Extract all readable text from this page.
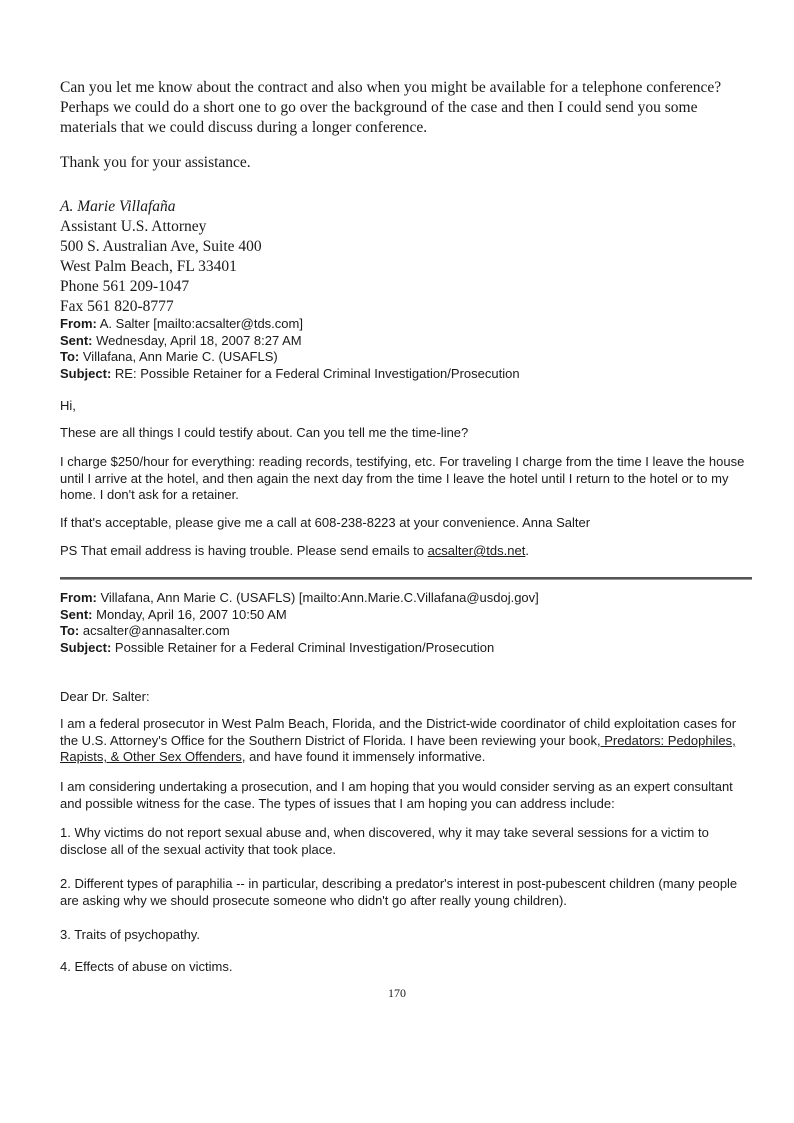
Can you let me know about the contract and also when you might be available for a telephone conference? Perhaps we could do a short one to go over the background of the case and then I could send you some materials that we could discuss during a longer conference.

Thank you for your assistance.

A. Marie Villafaña
Assistant U.S. Attorney
500 S. Australian Ave, Suite 400
West Palm Beach, FL 33401
Phone 561 209-1047
Fax 561 820-8777
From: A. Salter [mailto:acsalter@tds.com]
Sent: Wednesday, April 18, 2007 8:27 AM
To: Villafana, Ann Marie C. (USAFLS)
Subject: RE: Possible Retainer for a Federal Criminal Investigation/Prosecution

Hi,

These are all things I could testify about. Can you tell me the time-line?

I charge $250/hour for everything: reading records, testifying, etc. For traveling I charge from the time I leave the house until I arrive at the hotel, and then again the next day from the time I leave the hotel until I return to the hotel or to my home. I don't ask for a retainer.

If that's acceptable, please give me a call at 608-238-8223 at your convenience. Anna Salter

PS That email address is having trouble. Please send emails to acsalter@tds.net.

From: Villafana, Ann Marie C. (USAFLS) [mailto:Ann.Marie.C.Villafana@usdoj.gov]
Sent: Monday, April 16, 2007 10:50 AM
To: acsalter@annasalter.com
Subject: Possible Retainer for a Federal Criminal Investigation/Prosecution

Dear Dr. Salter:

I am a federal prosecutor in West Palm Beach, Florida, and the District-wide coordinator of child exploitation cases for the U.S. Attorney's Office for the Southern District of Florida. I have been reviewing your book, Predators: Pedophiles, Rapists, & Other Sex Offenders, and have found it immensely informative.

I am considering undertaking a prosecution, and I am hoping that you would consider serving as an expert consultant and possible witness for the case. The types of issues that I am hoping you can address include:

1. Why victims do not report sexual abuse and, when discovered, why it may take several sessions for a victim to disclose all of the sexual activity that took place.

2. Different types of paraphilia -- in particular, describing a predator's interest in post-pubescent children (many people are asking why we should prosecute someone who didn't go after really young children).

3. Traits of psychopathy.

4. Effects of abuse on victims.

170
